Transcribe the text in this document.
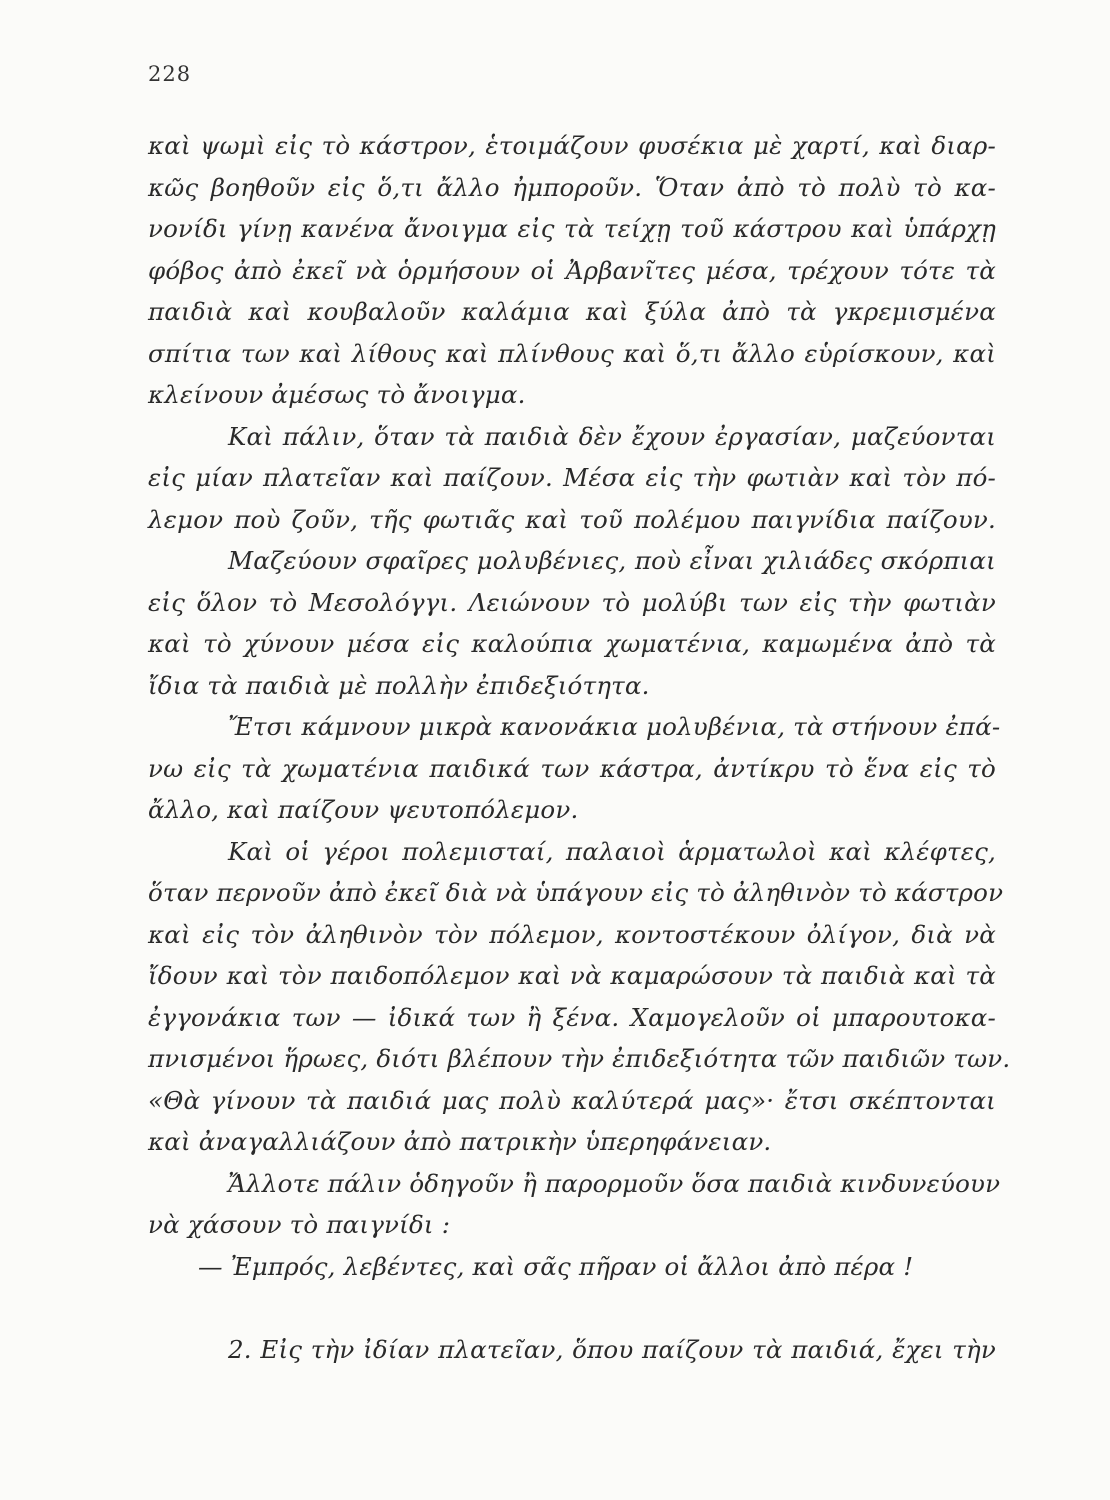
228
καὶ ψωμὶ εἰς τὸ κάστρον, ἑτοιμάζουν φυσέκια μὲ χαρτί, καὶ διαρ-
κῶς βοηθοῦν εἰς ὅ,τι ἄλλο ἠμποροῦν. Ὅταν ἀπὸ τὸ πολὺ τὸ κα-
νονίδι γίνῃ κανένα ἄνοιγμα εἰς τὰ τείχῃ τοῦ κάστρου καὶ ὑπάρχῃ
φόβος ἀπὸ ἐκεῖ νὰ ὁρμήσουν οἱ Ἀρβανῖτες μέσα, τρέχουν τότε τὰ
παιδιὰ καὶ κουβαλοῦν καλάμια καὶ ξύλα ἀπὸ τὰ γκρεμισμένα
σπίτια των καὶ λίθους καὶ πλίνθους καὶ ὅ,τι ἄλλο εὑρίσκουν, καὶ
κλείνουν ἀμέσως τὸ ἄνοιγμα.
Καὶ πάλιν, ὅταν τὰ παιδιὰ δὲν ἔχουν ἐργασίαν, μαζεύονται
εἰς μίαν πλατεῖαν καὶ παίζουν. Μέσα εἰς τὴν φωτιὰν καὶ τὸν πό-
λεμον ποὺ ζοῦν, τῆς φωτιᾶς καὶ τοῦ πολέμου παιγνίδια παίζουν.
Μαζεύουν σφαῖρες μολυβένιες, ποὺ εἶναι χιλιάδες σκόρπιαι
εἰς ὅλον τὸ Μεσολόγγι. Λειώνουν τὸ μολύβι των εἰς τὴν φωτιὰν
καὶ τὸ χύνουν μέσα εἰς καλούπια χωματένια, καμωμένα ἀπὸ τὰ
ἴδια τὰ παιδιὰ μὲ πολλὴν ἐπιδεξιότητα.
Ἔτσι κάμνουν μικρὰ κανονάκια μολυβένια, τὰ στήνουν ἐπά-
νω εἰς τὰ χωματένια παιδικά των κάστρα, ἀντίκρυ τὸ ἕνα εἰς τὸ
ἄλλο, καὶ παίζουν ψευτοπόλεμον.
Καὶ οἱ γέροι πολεμισταί, παλαιοὶ ἁρματωλοὶ καὶ κλέφτες,
ὅταν περνοῦν ἀπὸ ἐκεῖ διὰ νὰ ὑπάγουν εἰς τὸ ἀληθινὸν τὸ κάστρον
καὶ εἰς τὸν ἀληθινὸν τὸν πόλεμον, κοντοστέκουν ὀλίγον, διὰ νὰ
ἴδουν καὶ τὸν παιδοπόλεμον καὶ νὰ καμαρώσουν τὰ παιδιὰ καὶ τὰ
ἐγγονάκια των — ἰδικά των ἢ ξένα. Χαμογελοῦν οἱ μπαρουτοκα-
πνισμένοι ἥρωες, διότι βλέπουν τὴν ἐπιδεξιότητα τῶν παιδιῶν των.
«Θὰ γίνουν τὰ παιδιά μας πολὺ καλύτερά μας»· ἔτσι σκέπτονται
καὶ ἀναγαλλιάζουν ἀπὸ πατρικὴν ὑπερηφάνειαν.
Ἄλλοτε πάλιν ὁδηγοῦν ἢ παρορμοῦν ὅσα παιδιὰ κινδυνεύουν
νὰ χάσουν τὸ παιγνίδι :
— Ἐμπρός, λεβέντες, καὶ σᾶς πῆραν οἱ ἄλλοι ἀπὸ πέρα !
2. Εἰς τὴν ἰδίαν πλατεῖαν, ὅπου παίζουν τὰ παιδιά, ἔχει τὴν
